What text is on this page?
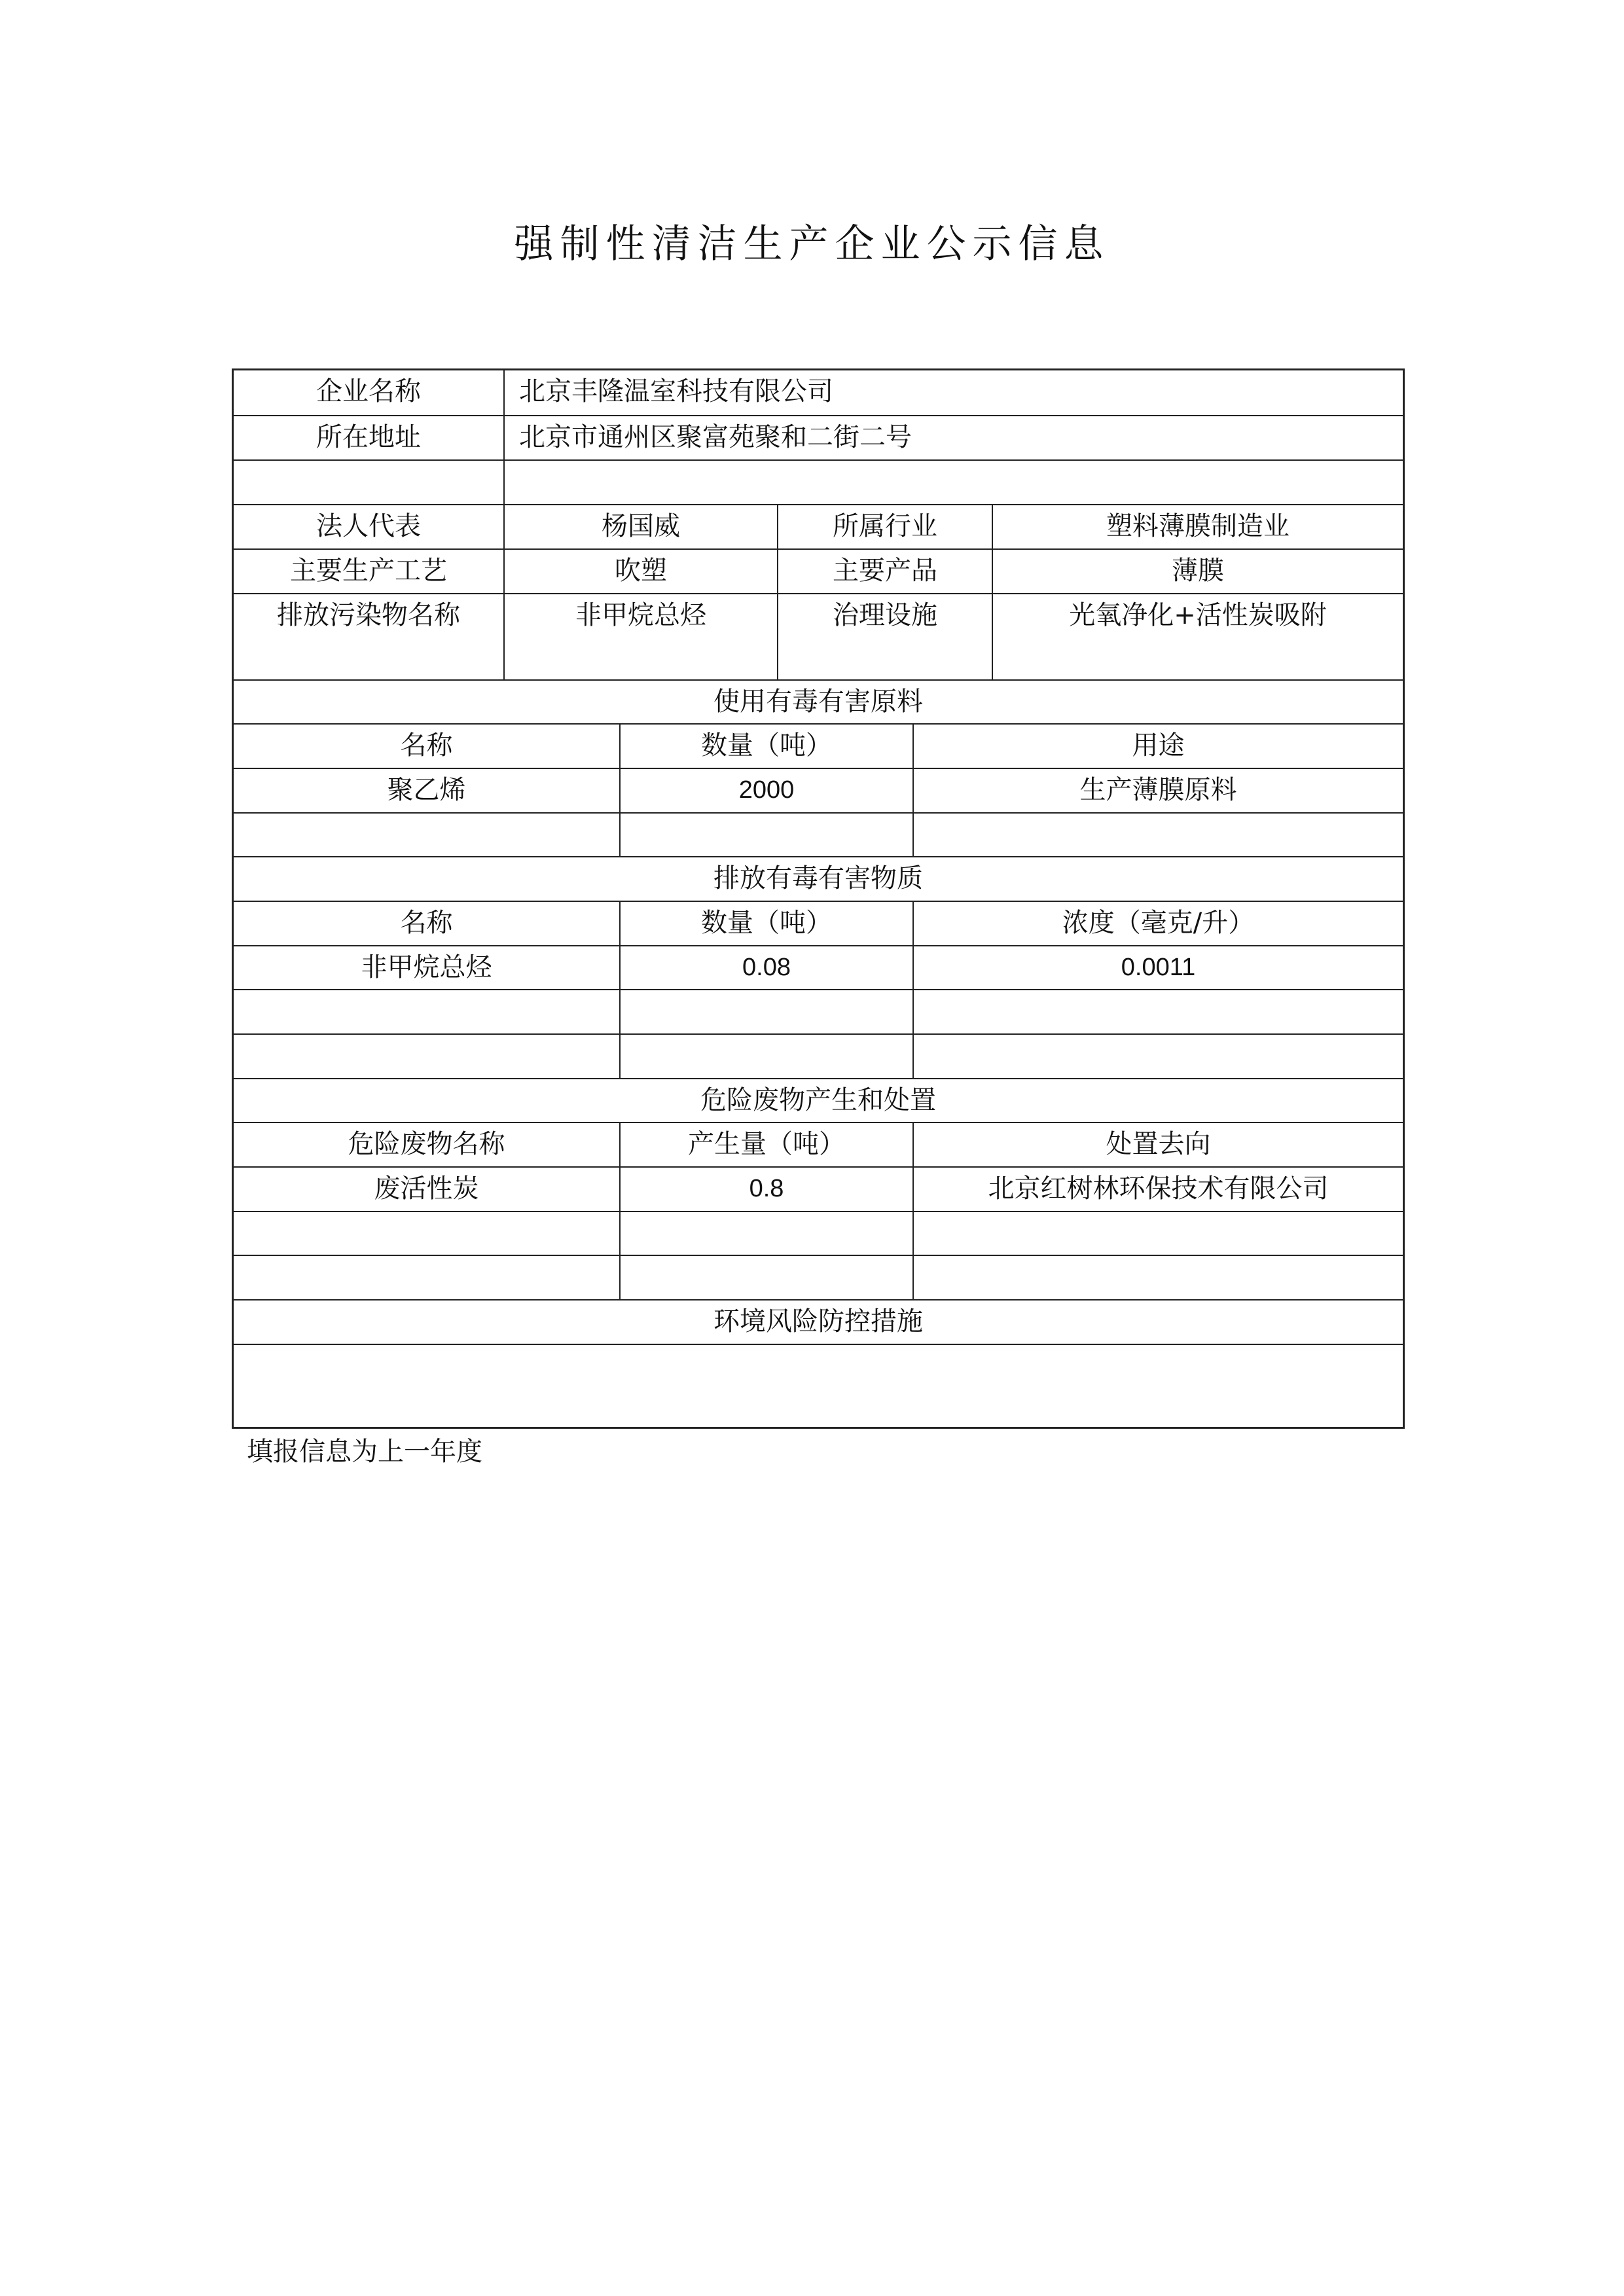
强制性清洁生产企业公示信息
企业名称	北京丰隆温室科技有限公司
所在地址	北京市通州区聚富苑聚和二街二号
法人代表	杨国威	所属行业	塑料薄膜制造业
主要生产工艺	吹塑	主要产品	薄膜
排放污染物名称	非甲烷总烃	治理设施	光氧净化+活性炭吸附
使用有毒有害原料
名称	数量（吨）	用途
聚乙烯	2000	生产薄膜原料
排放有毒有害物质
名称	数量（吨）	浓度（毫克/升）
非甲烷总烃	0.08	0.0011
危险废物产生和处置
危险废物名称	产生量（吨）	处置去向
废活性炭	0.8	北京红树林环保技术有限公司
环境风险防控措施
填报信息为上一年度
